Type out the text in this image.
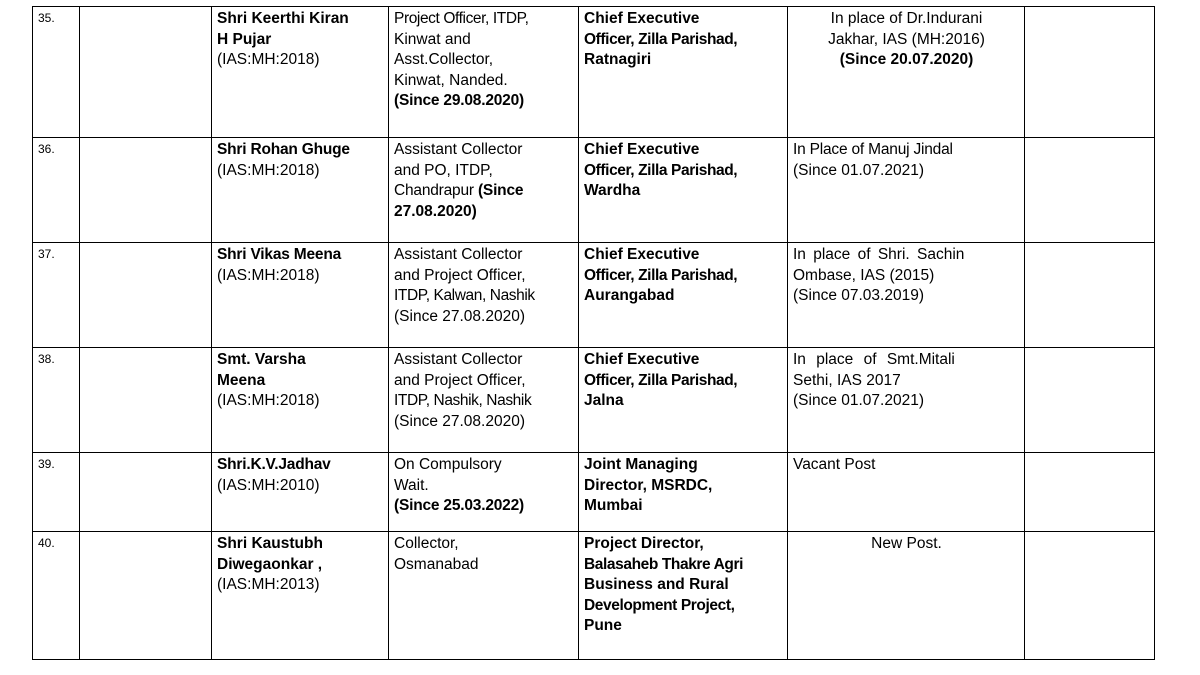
35.		Shri Keerthi Kiran
H Pujar
(IAS:MH:2018)	Project Officer, ITDP,
Kinwat and
Asst.Collector,
Kinwat, Nanded.
(Since 29.08.2020)	Chief Executive
Officer, Zilla Parishad,
Ratnagiri	In place of Dr.Indurani
Jakhar, IAS (MH:2016)
(Since 20.07.2020)	

36.		Shri Rohan Ghuge
(IAS:MH:2018)	Assistant Collector
and PO, ITDP,
Chandrapur (Since
27.08.2020)	Chief Executive
Officer, Zilla Parishad,
Wardha	In Place of Manuj Jindal
(Since 01.07.2021)	

37.		Shri Vikas Meena
(IAS:MH:2018)	Assistant Collector
and Project Officer,
ITDP, Kalwan, Nashik
(Since 27.08.2020)	Chief Executive
Officer, Zilla Parishad,
Aurangabad	In place of Shri. Sachin
Ombase, IAS (2015)
(Since 07.03.2019)	

38.		Smt. Varsha
Meena
(IAS:MH:2018)	Assistant Collector
and Project Officer,
ITDP, Nashik, Nashik
(Since 27.08.2020)	Chief Executive
Officer, Zilla Parishad,
Jalna	In place of Smt.Mitali
Sethi, IAS 2017
(Since 01.07.2021)	

39.		Shri.K.V.Jadhav
(IAS:MH:2010)	On Compulsory
Wait.
(Since 25.03.2022)	Joint Managing
Director, MSRDC,
Mumbai	Vacant Post	

40.		Shri Kaustubh
Diwegaonkar ,
(IAS:MH:2013)	Collector,
Osmanabad	Project Director,
Balasaheb Thakre Agri
Business and Rural
Development Project,
Pune	New Post.	
